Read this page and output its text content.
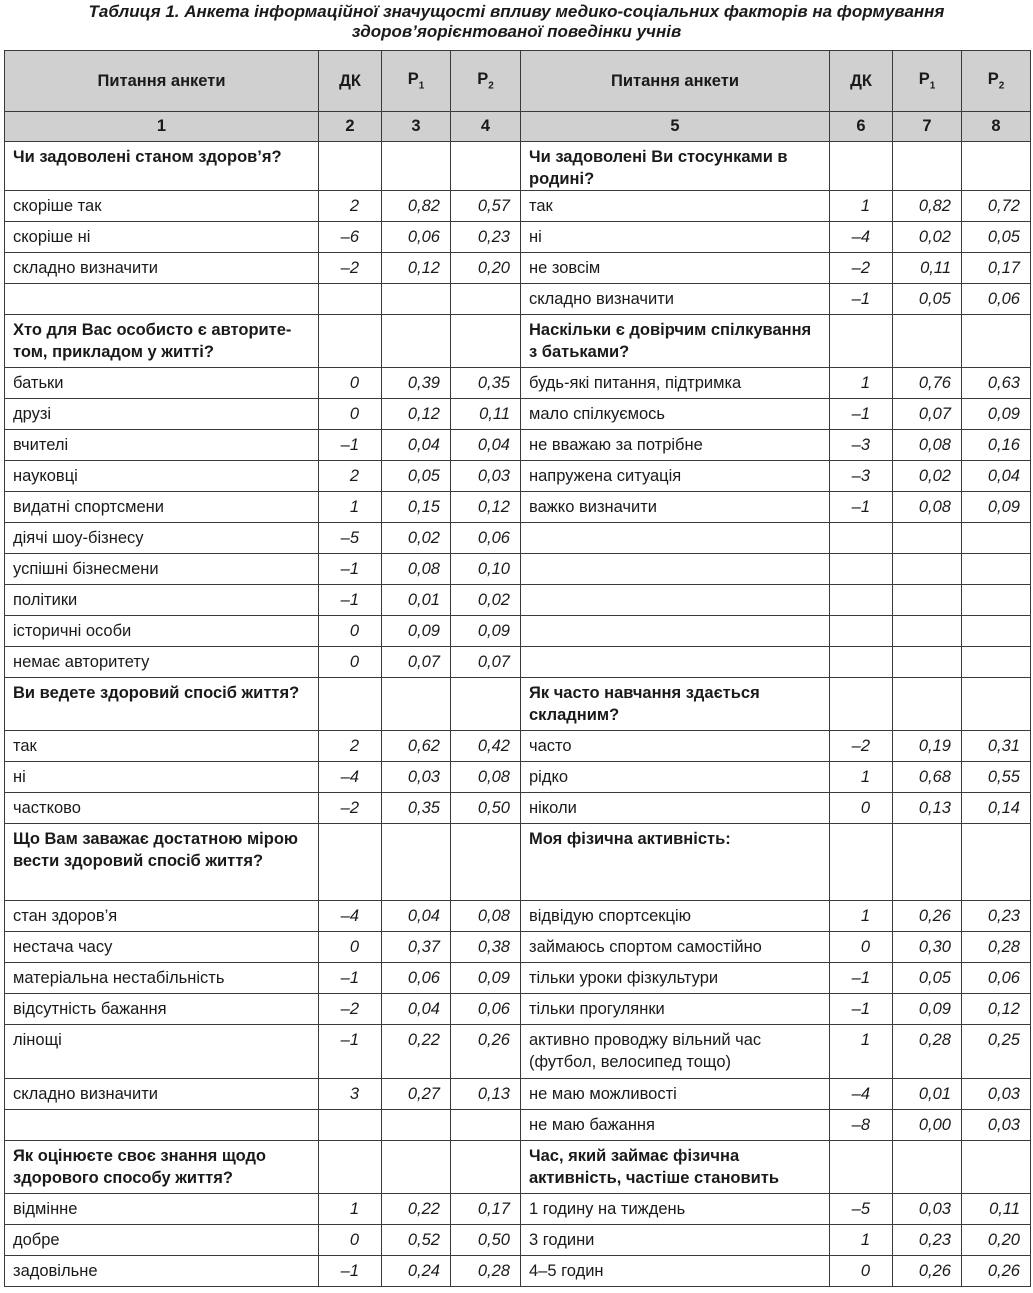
Таблиця 1. Анкета інформаційної значущості впливу медико-соціальних факторів на формування здоров’яорієнтованої поведінки учнів
Питання анкети	ДК	$Р_1$	$Р_2$	Питання анкети	ДК	$Р_1$	$Р_2$
1	2	3	4	5	6	7	8
Чи задоволені станом здоров’я?				Чи задоволені Ви стосунками в родині?			
скоріше так	2	0,82	0,57	так	1	0,82	0,72
скоріше ні	–6	0,06	0,23	ні	–4	0,02	0,05
складно визначити	–2	0,12	0,20	не зовсім	–2	0,11	0,17
				складно визначити	–1	0,05	0,06
Хто для Вас особисто є авторите-том, прикладом у житті?				Наскільки є довірчим спілкування з батьками?			
батьки	0	0,39	0,35	будь-які питання, підтримка	1	0,76	0,63
друзі	0	0,12	0,11	мало спілкуємось	–1	0,07	0,09
вчителі	–1	0,04	0,04	не вважаю за потрібне	–3	0,08	0,16
науковці	2	0,05	0,03	напружена ситуація	–3	0,02	0,04
видатні спортсмени	1	0,15	0,12	важко визначити	–1	0,08	0,09
діячі шоу-бізнесу	–5	0,02	0,06				
успішні бізнесмени	–1	0,08	0,10				
політики	–1	0,01	0,02				
історичні особи	0	0,09	0,09				
немає авторитету	0	0,07	0,07				
Ви ведете здоровий спосіб життя?				Як часто навчання здається складним?			
так	2	0,62	0,42	часто	–2	0,19	0,31
ні	–4	0,03	0,08	рідко	1	0,68	0,55
частково	–2	0,35	0,50	ніколи	0	0,13	0,14
Що Вам заважає достатною мірою вести здоровий спосіб життя?				Моя фізична активність:			
стан здоров’я	–4	0,04	0,08	відвідую спортсекцію	1	0,26	0,23
нестача часу	0	0,37	0,38	займаюсь спортом самостійно	0	0,30	0,28
матеріальна нестабільність	–1	0,06	0,09	тільки уроки фізкультури	–1	0,05	0,06
відсутність бажання	–2	0,04	0,06	тільки прогулянки	–1	0,09	0,12
лінощі	–1	0,22	0,26	активно проводжу вільний час (футбол, велосипед тощо)	1	0,28	0,25
складно визначити	3	0,27	0,13	не маю можливості	–4	0,01	0,03
				не маю бажання	–8	0,00	0,03
Як оцінюєте своє знання щодо здорового способу життя?				Час, який займає фізична активність, частіше становить			
відмінне	1	0,22	0,17	1 годину на тиждень	–5	0,03	0,11
добре	0	0,52	0,50	3 години	1	0,23	0,20
задовільне	–1	0,24	0,28	4–5 годин	0	0,26	0,26
